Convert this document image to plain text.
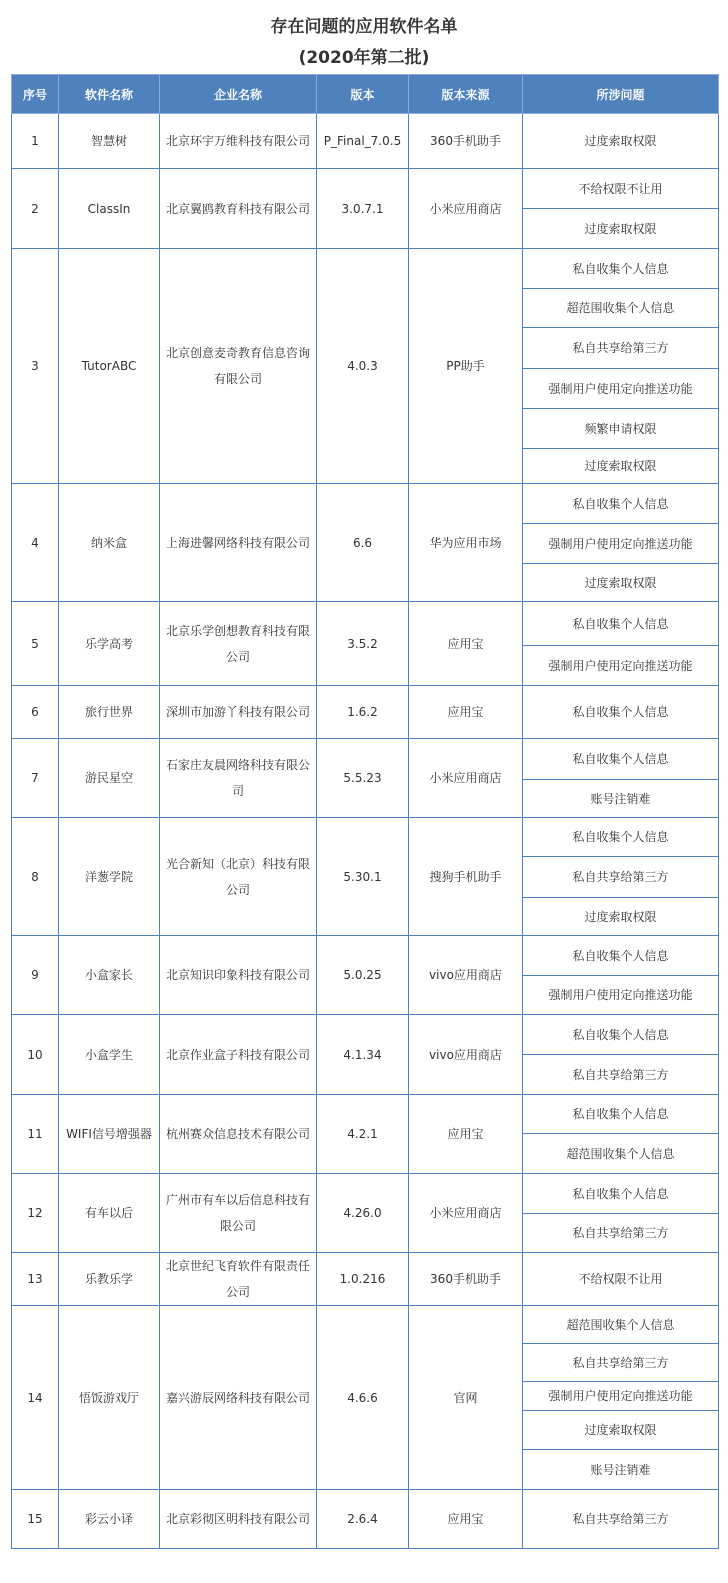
存在问题的应用软件名单
(2020年第二批)
序号	软件名称	企业名称	版本	版本来源	所涉问题
1	智慧树	北京环宇万维科技有限公司	P_Final_7.0.5	360手机助手	过度索取权限
2	ClassIn	北京翼鸥教育科技有限公司	3.0.7.1	小米应用商店	不给权限不让用
					过度索取权限
3	TutorABC	北京创意麦奇教育信息咨询有限公司	4.0.3	PP助手	私自收集个人信息
					超范围收集个人信息
					私自共享给第三方
					强制用户使用定向推送功能
					频繁申请权限
					过度索取权限
4	纳米盒	上海进馨网络科技有限公司	6.6	华为应用市场	私自收集个人信息
					强制用户使用定向推送功能
					过度索取权限
5	乐学高考	北京乐学创想教育科技有限公司	3.5.2	应用宝	私自收集个人信息
					强制用户使用定向推送功能
6	旅行世界	深圳市加游丫科技有限公司	1.6.2	应用宝	私自收集个人信息
7	游民星空	石家庄友晨网络科技有限公司	5.5.23	小米应用商店	私自收集个人信息
					账号注销难
8	洋葱学院	光合新知（北京）科技有限公司	5.30.1	搜狗手机助手	私自收集个人信息
					私自共享给第三方
					过度索取权限
9	小盒家长	北京知识印象科技有限公司	5.0.25	vivo应用商店	私自收集个人信息
					强制用户使用定向推送功能
10	小盒学生	北京作业盒子科技有限公司	4.1.34	vivo应用商店	私自收集个人信息
					私自共享给第三方
11	WIFI信号增强器	杭州赛众信息技术有限公司	4.2.1	应用宝	私自收集个人信息
					超范围收集个人信息
12	有车以后	广州市有车以后信息科技有限公司	4.26.0	小米应用商店	私自收集个人信息
					私自共享给第三方
13	乐教乐学	北京世纪飞育软件有限责任公司	1.0.216	360手机助手	不给权限不让用
14	悟饭游戏厅	嘉兴游辰网络科技有限公司	4.6.6	官网	超范围收集个人信息
					私自共享给第三方
					强制用户使用定向推送功能
					过度索取权限
					账号注销难
15	彩云小译	北京彩彻区明科技有限公司	2.6.4	应用宝	私自共享给第三方
